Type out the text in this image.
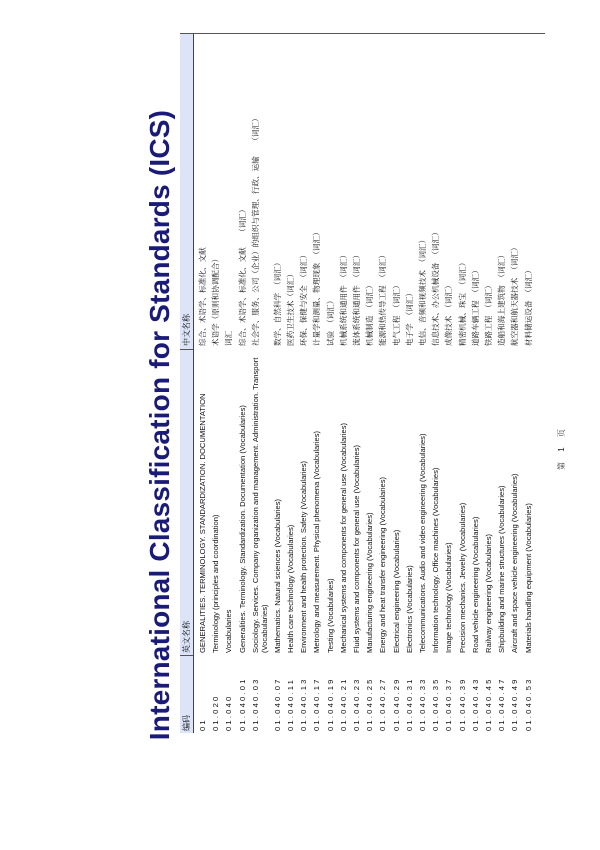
International Classification for Standards (ICS) 编码
英文名称
中文名称
01
GENERALITIES. TERMINOLOGY. STANDARDIZATION. DOCUMENTATION
综合、术语学、标准化、文献
01.020
Terminology (principles and coordination)
术语学（原则和协调配合）
01.040
Vocabularies
词汇
01.040.01
Generalities. Terminology. Standardization. Documentation (Vocabularies)
综合、术语学、标准化、文献　　（词汇）
01.040.03
Sociology. Services. Company organization and management. Administration. Transport (Vocabularies)
社会学、服务、公司（企业）的组织与管理、行政、运输　　（词汇）
01.040.07
Mathematics. Natural sciences (Vocabularies)
数学、自然科学　（词汇）
01.040.11
Health care technology (Vocabularies)
医药卫生技术（词汇）
01.040.13
Environment and health protection. Safety (Vocabularies)
环保、保健与安全　（词汇）
01.040.17
Metrology and measurement. Physical phenomena (Vocabularies)
计量学和测量、物理现象　（词汇）
01.040.19
Testing (Vocabularies)
试验　（词汇）
01.040.21
Mechanical systems and components for general use (Vocabularies)
机械系统和通用件　（词汇）
01.040.23
Fluid systems and components for general use (Vocabularies)
流体系统和通用件　（词汇）
01.040.25
Manufacturing engineering (Vocabularies)
机械制造　（词汇）
01.040.27
Energy and heat transfer engineering (Vocabularies)
能源和热传导工程　（词汇）
01.040.29
Electrical engineering (Vocabularies)
电气工程　（词汇）
01.040.31
Electronics (Vocabularies)
电子学　（词汇）
01.040.33
Telecommunications. Audio and video engineering (Vocabularies)
电信、音频和视频技术　（词汇）
01.040.35
Information technology. Office machines (Vocabularies)
信息技术、办公机械设备　（词汇）
01.040.37
Image technology (Vocabularies)
成像技术　（词汇）
01.040.39
Precision mechanics. Jewelry (Vocabularies)
精密机械、珠宝　（词汇）
01.040.43
Road vehicle engineering (Vocabularies)
道路车辆工程　（词汇）
01.040.45
Railway engineering (Vocabularies)
铁路工程　（词汇）
01.040.47
Shipbuilding and marine structures (Vocabularies)
造船和海上建筑物　（词汇）
01.040.49
Aircraft and space vehicle engineering (Vocabularies)
航空器和航天器技术　（词汇）
01.040.53
Materials handling equipment (Vocabularies)
材料储运设备　（词汇）
第 1 页
